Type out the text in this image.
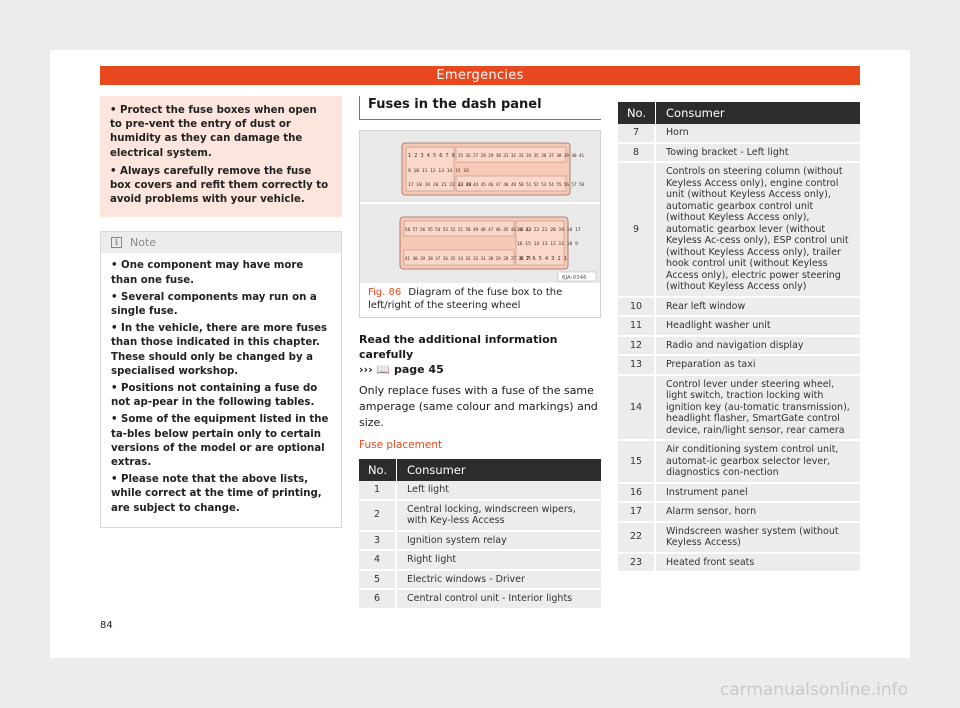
Emergencies
• Protect the fuse boxes when open to pre-vent the entry of dust or humidity as they can damage the electrical system.
• Always carefully remove the fuse box covers and refit them correctly to avoid problems with your vehicle.
i	Note
• One component may have more than one fuse.
• Several components may run on a single fuse.
• In the vehicle, there are more fuses than those indicated in this chapter. These should only be changed by a specialised workshop.
• Positions not containing a fuse do not ap-pear in the following tables.
• Some of the equipment listed in the ta-bles below pertain only to certain versions of the model or are optional extras.
• Please note that the above lists, while correct at the time of printing, are subject to change.
Fuses in the dash panel
1 2 3 4 5 6 7 8 25 26 27 28 29 30 31 32 33 34 35 36 37 38 39 40 41
9 10 11 12 13 14 15 16
17 18 19 20 21 22 23 24
42 43 44 45 46 47 48 49 50 51 52 53 54 55 56 57 58
58 57 56 55 54 53 52 51 50 49 48 47 46 45 44 43 42
24 23 22 21 20 19 18 17
16 15 14 13 12 11 10 9
41 40 39 38 37 36 35 34 33 32 31 30 29 28 27 26 25
8 7 6 5 4 3 2 1
6JA-0346
Fig. 86 Diagram of the fuse box to the left/right of the steering wheel
Read the additional information carefully
››› 📖 page 45
Only replace fuses with a fuse of the same amperage (same colour and markings) and size.
Fuse placement
No.	Consumer
1	Left light
2	Central locking, windscreen wipers, with Key-less Access
3	Ignition system relay
4	Right light
5	Electric windows - Driver
6	Central control unit - Interior lights
No.	Consumer
7	Horn
8	Towing bracket - Left light
9	Controls on steering column (without Keyless Access only), engine control unit (without Keyless Access only), automatic gearbox control unit (without Keyless Access only), automatic gearbox lever (without Keyless Ac-cess only), ESP control unit (without Keyless Access only), trailer hook control unit (without Keyless Access only), electric power steering (without Keyless Access only)
10	Rear left window
11	Headlight washer unit
12	Radio and navigation display
13	Preparation as taxi
14	Control lever under steering wheel, light switch, traction locking with ignition key (au-tomatic transmission), headlight flasher, SmartGate control device, rain/light sensor, rear camera
15	Air conditioning system control unit, automat-ic gearbox selector lever, diagnostics con-nection
16	Instrument panel
17	Alarm sensor, horn
22	Windscreen washer system (without Keyless Access)
23	Heated front seats
84
carmanualsonline.info
